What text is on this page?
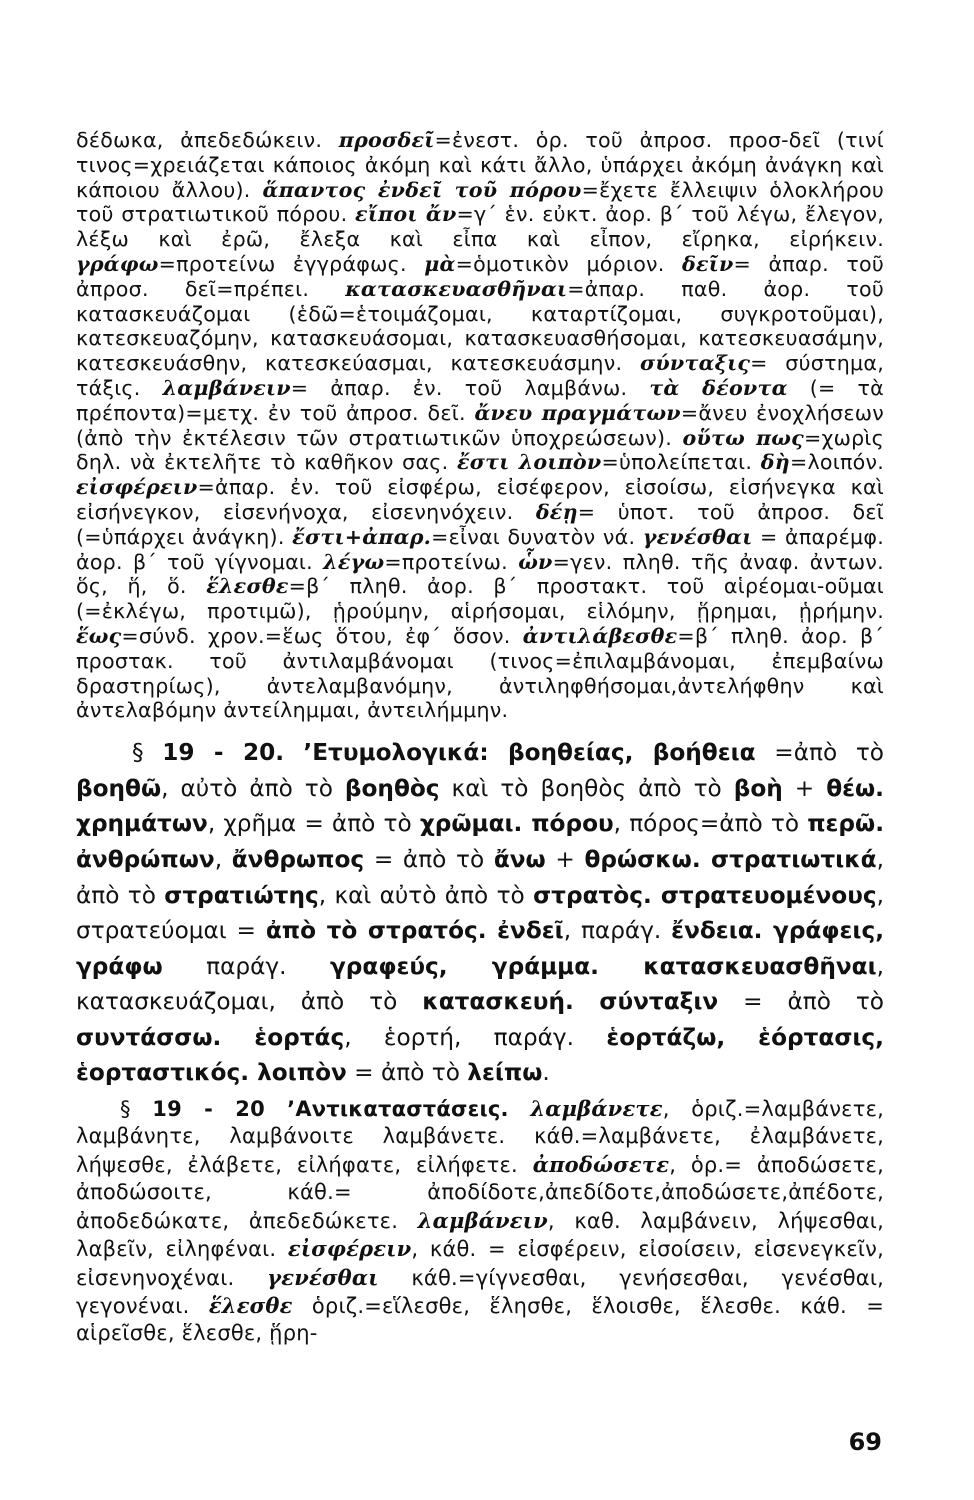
δέδωκα, ἀπεδεδώκειν. προσδεῖ=ἐνεστ. ὁρ. τοῦ ἀπροσ. προσ-δεῖ (τινί τινος=χρειάζεται κάποιος ἀκόμη καὶ κάτι ἄλλο, ὑπάρχει ἀκόμη ἀνάγκη καὶ κάποιου ἄλλου). ἅπαντος ἐνδεῖ τοῦ πόρου=ἔχετε ἔλλειψιν ὁλοκλήρου τοῦ στρατιωτικοῦ πόρου. εἴποι ἄν=γ΄ ἑν. εὐκτ. ἀορ. β΄ τοῦ λέγω, ἔλεγον, λέξω καὶ ἐρῶ, ἔλεξα καὶ εἶπα καὶ εἶπον, εἴρηκα, εἰρήκειν. γράφω=προτείνω ἐγγράφως. μὰ=ὁμοτικὸν μόριον. δεῖν= ἀπαρ. τοῦ ἀπροσ. δεῖ=πρέπει. κατασκευασθῆναι=ἀπαρ. παθ. ἀορ. τοῦ κατασκευάζομαι (ἑδῶ=ἑτοιμάζομαι, καταρτίζομαι, συγκροτοῦμαι), κατεσκευαζόμην, κατασκευάσομαι, κατασκευασθήσομαι, κατεσκευασάμην, κατεσκευάσθην, κατεσκεύασμαι, κατεσκευάσμην. σύνταξις= σύστημα, τάξις. λαμβάνειν= ἀπαρ. ἐν. τοῦ λαμβάνω. τὰ δέοντα (= τὰ πρέποντα)=μετχ. ἐν τοῦ ἀπροσ. δεῖ. ἄνευ πραγμάτων=ἄνευ ἐνοχλήσεων (ἀπὸ τὴν ἐκτέλεσιν τῶν στρατιωτικῶν ὑποχρεώσεων). οὕτω πως=χωρὶς δηλ. νὰ ἐκτελῆτε τὸ καθῆκον σας. ἔστι λοιπὸν=ὑπολείπεται. δὴ=λοιπόν. εἰσφέρειν=ἀπαρ. ἐν. τοῦ εἰσφέρω, εἰσέφερον, εἰσοίσω, εἰσήνεγκα καὶ εἰσήνεγκον, εἰσενήνοχα, εἰσενηνόχειν. δέῃ= ὑποτ. τοῦ ἀπροσ. δεῖ (=ὑπάρχει ἀνάγκη). ἔστι+ἀπαρ.=εἶναι δυνατὸν νά. γενέσθαι = ἀπαρέμφ. ἀορ. β΄ τοῦ γίγνομαι. λέγω=προτείνω. ὧν=γεν. πληθ. τῆς ἀναφ. ἀντων. ὅς, ἥ, ὅ. ἕλεσθε=β΄ πληθ. ἀορ. β΄ προστακτ. τοῦ αἱρέομαι-οῦμαι (=ἐκλέγω, προτιμῶ), ᾑρούμην, αἱρήσομαι, εἱλόμην, ᾕρημαι, ᾑρήμην. ἕως=σύνδ. χρον.=ἕως ὅτου, ἐφ΄ ὅσον. ἀντιλάβεσθε=β΄ πληθ. ἀορ. β΄ προστακ. τοῦ ἀντιλαμβάνομαι (τινος=ἐπιλαμβάνομαι, ἐπεμβαίνω δραστηρίως), ἀντελαμβανόμην, ἀντιληφθήσομαι,ἀντελήφθην καὶ ἀντελαβόμην ἀντείλημμαι, ἀντειλήμμην.
§ 19 - 20. ’Ετυμολογικά: βοηθείας, βοήθεια =ἀπὸ τὸ βοηθῶ, αὐτὸ ἀπὸ τὸ βοηθὸς καὶ τὸ βοηθὸς ἀπὸ τὸ βοὴ + θέω. χρημάτων, χρῆμα = ἀπὸ τὸ χρῶμαι. πόρου, πόρος=ἀπὸ τὸ περῶ. ἀνθρώπων, ἄνθρωπος = ἀπὸ τὸ ἄνω + θρώσκω. στρατιωτικά, ἀπὸ τὸ στρατιώτης, καὶ αὐτὸ ἀπὸ τὸ στρατὸς. στρατευομένους, στρατεύομαι = ἀπὸ τὸ στρατός. ἐνδεῖ, παράγ. ἔνδεια. γράφεις, γράφω παράγ. γραφεύς, γράμμα. κατασκευασθῆναι, κατασκευάζομαι, ἀπὸ τὸ κατασκευή. σύνταξιν = ἀπὸ τὸ συντάσσω. ἑορτάς, ἑορτή, παράγ. ἑορτάζω, ἑόρτασις, ἑορταστικός. λοιπὸν = ἀπὸ τὸ λείπω.
§ 19 - 20 ’Αντικαταστάσεις. λαμβάνετε, ὁριζ.=λαμβάνετε, λαμβάνητε, λαμβάνοιτε λαμβάνετε. κάθ.=λαμβάνετε, ἐλαμβάνετε, λήψεσθε, ἐλάβετε, εἰλήφατε, εἰλήφετε. ἀποδώσετε, ὁρ.= ἀποδώσετε, ἀποδώσοιτε, κάθ.= ἀποδίδοτε,ἀπεδίδοτε,ἀποδώσετε,ἀπέδοτε, ἀποδεδώκατε, ἀπεδεδώκετε. λαμβάνειν, καθ. λαμβάνειν, λήψεσθαι, λαβεῖν, εἰληφέναι. εἰσφέρειν, κάθ. = εἰσφέρειν, εἰσοίσειν, εἰσενεγκεῖν, εἰσενηνοχέναι. γενέσθαι κάθ.=γίγνεσθαι, γενήσεσθαι, γενέσθαι, γεγονέναι. ἕλεσθε ὁριζ.=εἵλεσθε, ἕλησθε, ἕλοισθε, ἕλεσθε. κάθ. = αἱρεῖσθε, ἕλεσθε, ᾕρη-
69
